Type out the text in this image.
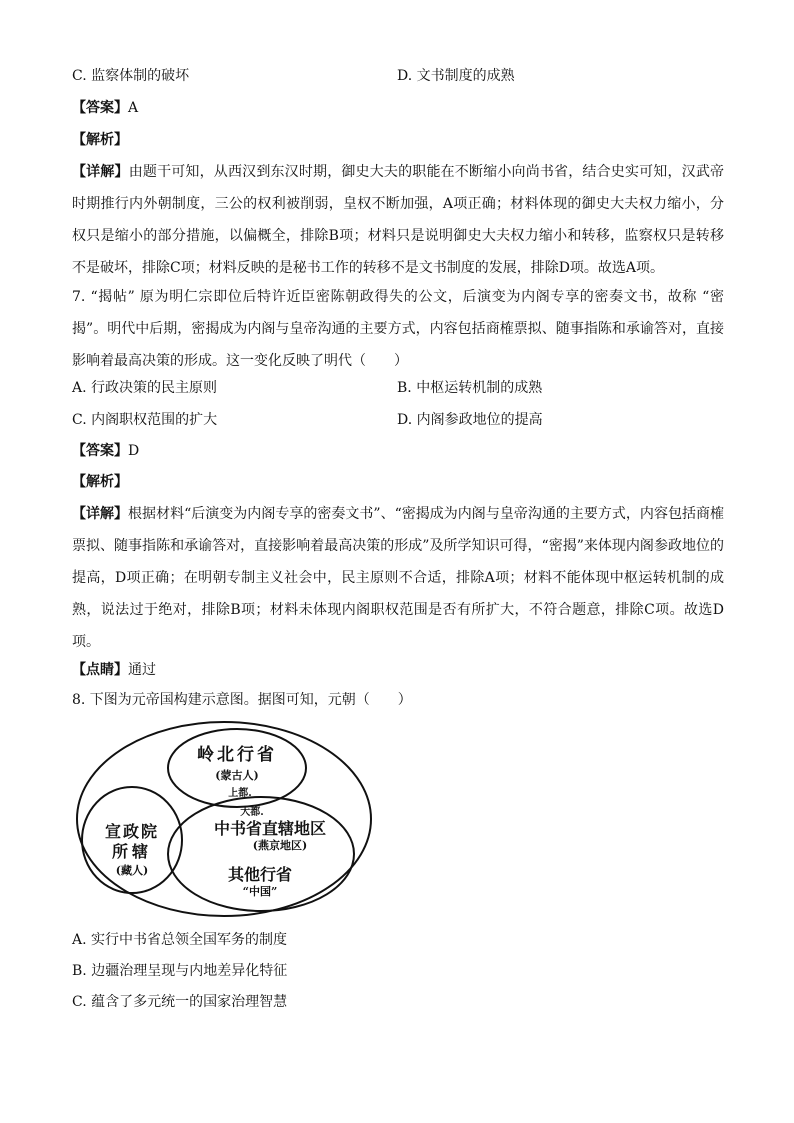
C. 监察体制的破坏	D. 文书制度的成熟
【答案】A
【解析】
【详解】由题干可知，从西汉到东汉时期，御史大夫的职能在不断缩小向尚书省，结合史实可知，汉武帝时期推行内外朝制度，三公的权利被削弱，皇权不断加强，A项正确；材料体现的御史大夫权力缩小，分权只是缩小的部分措施，以偏概全，排除B项；材料只是说明御史大夫权力缩小和转移，监察权只是转移不是破坏，排除C项；材料反映的是秘书工作的转移不是文书制度的发展，排除D项。故选A项。
7. “揭帖” 原为明仁宗即位后特许近臣密陈朝政得失的公文，后演变为内阁专享的密奏文书，故称 “密揭”。明代中后期，密揭成为内阁与皇帝沟通的主要方式，内容包括商榷票拟、随事指陈和承谕答对，直接影响着最高决策的形成。这一变化反映了明代（　　）
A. 行政决策的民主原则	B. 中枢运转机制的成熟
C. 内阁职权范围的扩大	D. 内阁参政地位的提高
【答案】D
【解析】
【详解】根据材料“后演变为内阁专享的密奏文书”、“密揭成为内阁与皇帝沟通的主要方式，内容包括商榷票拟、随事指陈和承谕答对，直接影响着最高决策的形成”及所学知识可得，“密揭”来体现内阁参政地位的提高，D项正确；在明朝专制主义社会中，民主原则不合适，排除A项；材料不能体现中枢运转机制的成熟，说法过于绝对，排除B项；材料未体现内阁职权范围是否有所扩大，不符合题意，排除C项。故选D项。
【点睛】通过
8. 下图为元帝国构建示意图。据图可知，元朝（　　）
岭北行省
(蒙古人)
上都.
大都.
中书省直辖地区
(燕京地区)
其他行省
“中国”
宣政院
所辖
(藏人)
A. 实行中书省总领全国军务的制度
B. 边疆治理呈现与内地差异化特征
C. 蕴含了多元统一的国家治理智慧
